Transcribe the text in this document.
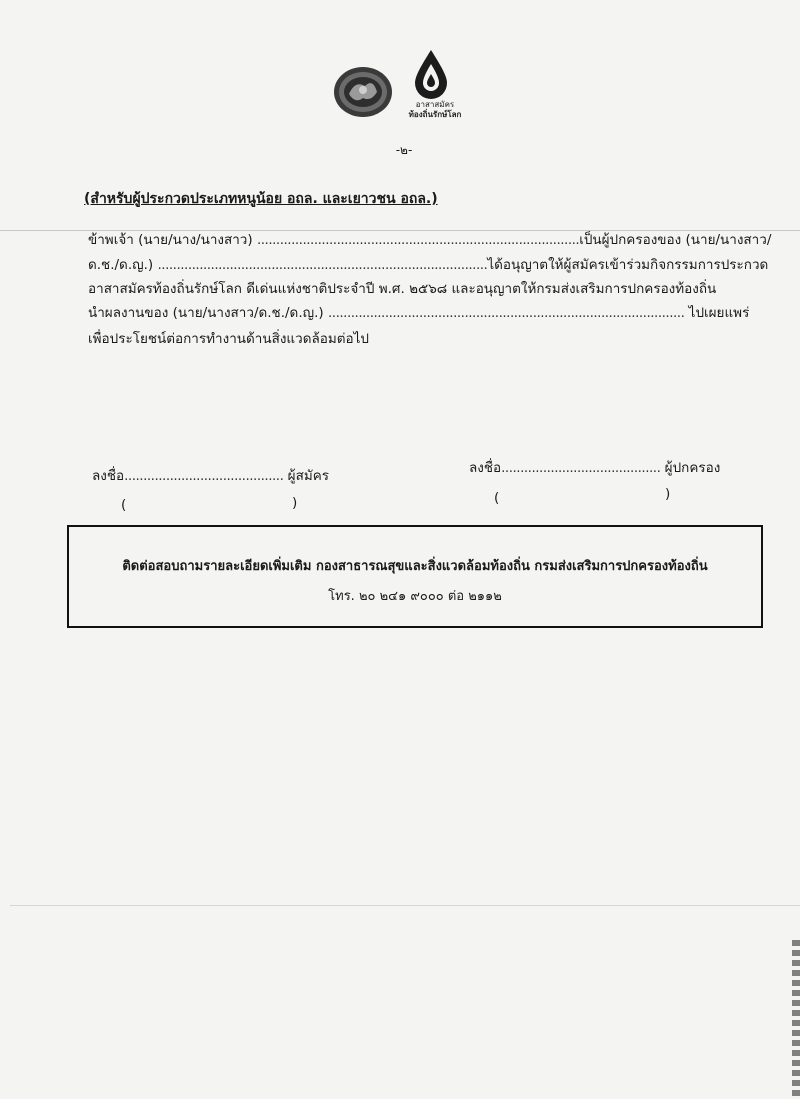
อาสาสมัคร
ท้องถิ่นรักษ์โลก
-๒-
(สำหรับผู้ประกวดประเภทหนูน้อย อถล. และเยาวชน อถล.)
ข้าพเจ้า (นาย/นาง/นางสาว) .....................................................................................เป็นผู้ปกครองของ (นาย/นางสาว/
ด.ช./ด.ญ.) .......................................................................................ได้อนุญาตให้ผู้สมัครเข้าร่วมกิจกรรมการประกวด
อาสาสมัครท้องถิ่นรักษ์โลก ดีเด่นแห่งชาติประจำปี พ.ศ. ๒๕๖๘ และอนุญาตให้กรมส่งเสริมการปกครองท้องถิ่น
นำผลงานของ (นาย/นางสาว/ด.ช./ด.ญ.) .............................................................................................. ไปเผยแพร่
เพื่อประโยชน์ต่อการทำงานด้านสิ่งแวดล้อมต่อไป
ลงชื่อ.......................................... ผู้สมัคร
(	)
ลงชื่อ.......................................... ผู้ปกครอง
(	)
ติดต่อสอบถามรายละเอียดเพิ่มเติม กองสาธารณสุขและสิ่งแวดล้อมท้องถิ่น กรมส่งเสริมการปกครองท้องถิ่น
โทร. ๒๐ ๒๔๑ ๙๐๐๐ ต่อ ๒๑๑๒
